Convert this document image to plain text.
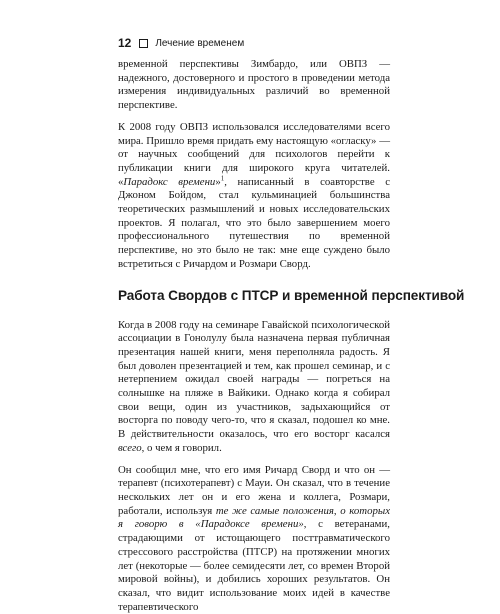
12 Лечение временем

временной перспективы Зимбардо, или ОВПЗ — надежного, достоверного и простого в проведении метода измерения индивидуальных различий во временной перспективе.

К 2008 году ОВПЗ использовался исследователями всего мира. Пришло время придать ему настоящую «огласку» — от научных сообщений для психологов перейти к публикации книги для широкого круга читателей. «Парадокс времени»$^1$, написанный в соавторстве с Джоном Бойдом, стал кульминацией большинства теоретических размышлений и новых исследовательских проектов. Я полагал, что это было завершением моего профессионального путешествия по временной перспективе, но это было не так: мне еще суждено было встретиться с Ричардом и Розмари Сворд.

Работа Свордов с ПТСР и временной перспективой

Когда в 2008 году на семинаре Гавайской психологической ассоциации в Гонолулу была назначена первая публичная презентация нашей книги, меня переполняла радость. Я был доволен презентацией и тем, как прошел семинар, и с нетерпением ожидал своей награды — погреться на солнышке на пляже в Вайкики. Однако когда я собирал свои вещи, один из участников, задыхающийся от восторга по поводу чего-то, что я сказал, подошел ко мне. В действительности оказалось, что его восторг касался всего, о чем я говорил.

Он сообщил мне, что его имя Ричард Сворд и что он — терапевт (психотерапевт) с Мауи. Он сказал, что в течение нескольких лет он и его жена и коллега, Розмари, работали, используя те же самые положения, о которых я говорю в «Парадоксе времени», с ветеранами, страдающими от истощающего посттравматического стрессового расстройства (ПТСР) на протяжении многих лет (некоторые — более семидесяти лет, со времен Второй мировой войны), и добились хороших результатов. Он сказал, что видит использование моих идей в качестве терапевтического
